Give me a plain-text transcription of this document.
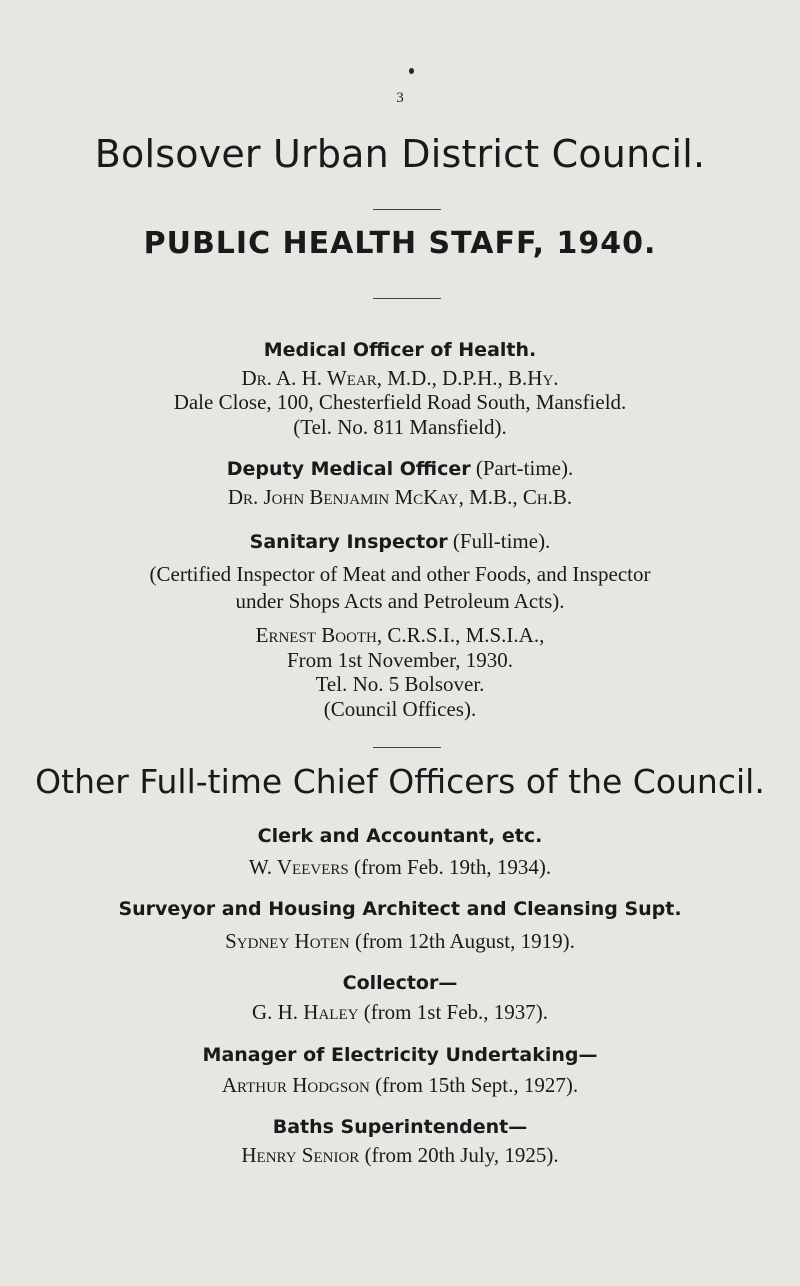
3
Bolsover Urban District Council.
PUBLIC HEALTH STAFF, 1940.
Medical Officer of Health.
Dr. A. H. Wear, M.D., D.P.H., B.Hy.
Dale Close, 100, Chesterfield Road South, Mansfield.
(Tel. No. 811 Mansfield).
Deputy Medical Officer (Part-time).
Dr. John Benjamin McKay, M.B., Ch.B.
Sanitary Inspector (Full-time).
(Certified Inspector of Meat and other Foods, and Inspector
under Shops Acts and Petroleum Acts).
Ernest Booth, C.R.S.I., M.S.I.A.,
From 1st November, 1930.
Tel. No. 5 Bolsover.
(Council Offices).
Other Full-time Chief Officers of the Council.
Clerk and Accountant, etc.
W. Veevers (from Feb. 19th, 1934).
Surveyor and Housing Architect and Cleansing Supt.
Sydney Hoten (from 12th August, 1919).
Collector—
G. H. Haley (from 1st Feb., 1937).
Manager of Electricity Undertaking—
Arthur Hodgson (from 15th Sept., 1927).
Baths Superintendent—
Henry Senior (from 20th July, 1925).
